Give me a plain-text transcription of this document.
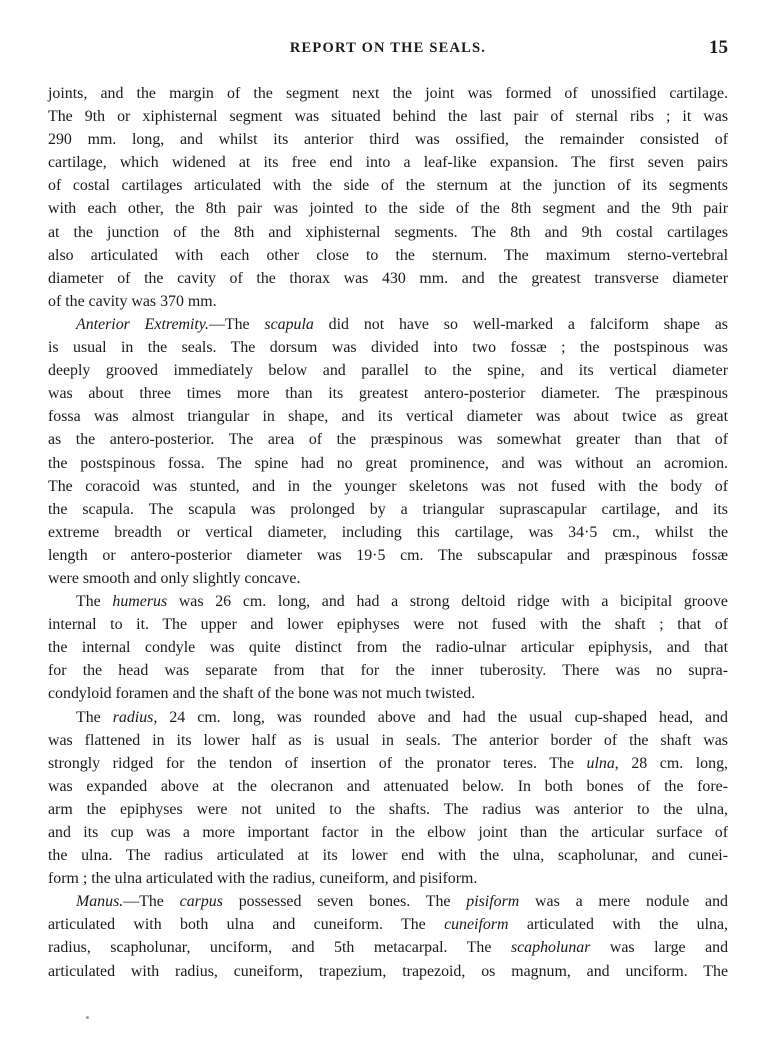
REPORT ON THE SEALS.	15
joints, and the margin of the segment next the joint was formed of unossified cartilage.
The 9th or xiphisternal segment was situated behind the last pair of sternal ribs ; it was
290 mm. long, and whilst its anterior third was ossified, the remainder consisted of
cartilage, which widened at its free end into a leaf-like expansion. The first seven pairs
of costal cartilages articulated with the side of the sternum at the junction of its segments
with each other, the 8th pair was jointed to the side of the 8th segment and the 9th pair
at the junction of the 8th and xiphisternal segments. The 8th and 9th costal cartilages
also articulated with each other close to the sternum. The maximum sterno-vertebral
diameter of the cavity of the thorax was 430 mm. and the greatest transverse diameter
of the cavity was 370 mm.
Anterior Extremity.—The scapula did not have so well-marked a falciform shape as
is usual in the seals. The dorsum was divided into two fossæ ; the postspinous was
deeply grooved immediately below and parallel to the spine, and its vertical diameter
was about three times more than its greatest antero-posterior diameter. The præspinous
fossa was almost triangular in shape, and its vertical diameter was about twice as great
as the antero-posterior. The area of the præspinous was somewhat greater than that of
the postspinous fossa. The spine had no great prominence, and was without an acromion.
The coracoid was stunted, and in the younger skeletons was not fused with the body of
the scapula. The scapula was prolonged by a triangular suprascapular cartilage, and its
extreme breadth or vertical diameter, including this cartilage, was 34·5 cm., whilst the
length or antero-posterior diameter was 19·5 cm. The subscapular and præspinous fossæ
were smooth and only slightly concave.
The humerus was 26 cm. long, and had a strong deltoid ridge with a bicipital groove
internal to it. The upper and lower epiphyses were not fused with the shaft ; that of
the internal condyle was quite distinct from the radio-ulnar articular epiphysis, and that
for the head was separate from that for the inner tuberosity. There was no supra-
condyloid foramen and the shaft of the bone was not much twisted.
The radius, 24 cm. long, was rounded above and had the usual cup-shaped head, and
was flattened in its lower half as is usual in seals. The anterior border of the shaft was
strongly ridged for the tendon of insertion of the pronator teres. The ulna, 28 cm. long,
was expanded above at the olecranon and attenuated below. In both bones of the fore-
arm the epiphyses were not united to the shafts. The radius was anterior to the ulna,
and its cup was a more important factor in the elbow joint than the articular surface of
the ulna. The radius articulated at its lower end with the ulna, scapholunar, and cunei-
form ; the ulna articulated with the radius, cuneiform, and pisiform.
Manus.—The carpus possessed seven bones. The pisiform was a mere nodule and
articulated with both ulna and cuneiform. The cuneiform articulated with the ulna,
radius, scapholunar, unciform, and 5th metacarpal. The scapholunar was large and
articulated with radius, cuneiform, trapezium, trapezoid, os magnum, and unciform. The
